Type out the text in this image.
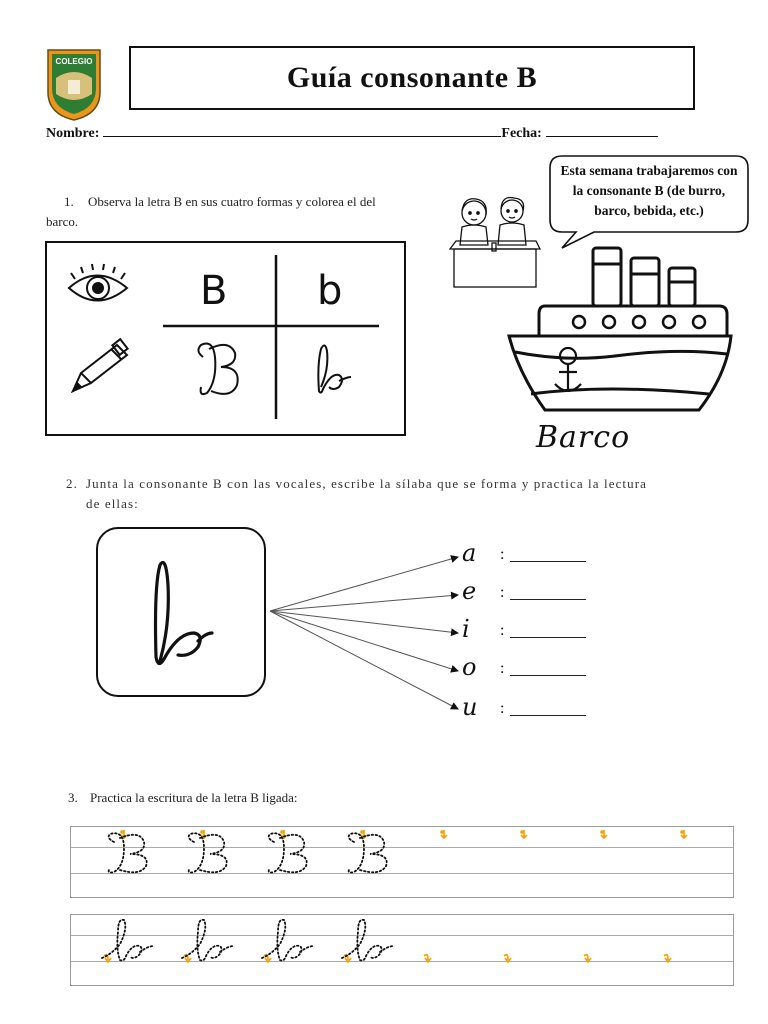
COLEGIO	Guía consonante B
Nombre:	Fecha:
Esta semana trabajaremos con la consonante B (de burro, barco, bebida, etc.)
Barco
1. Observa la letra B en sus cuatro formas y colorea el del barco.
B b
2. Junta la consonante B con las vocales, escribe la sílaba que se forma y practica la lectura
de ellas:
a	:
e	:
i	:
o	:
u	:
3. Practica la escritura de la letra B ligada:
